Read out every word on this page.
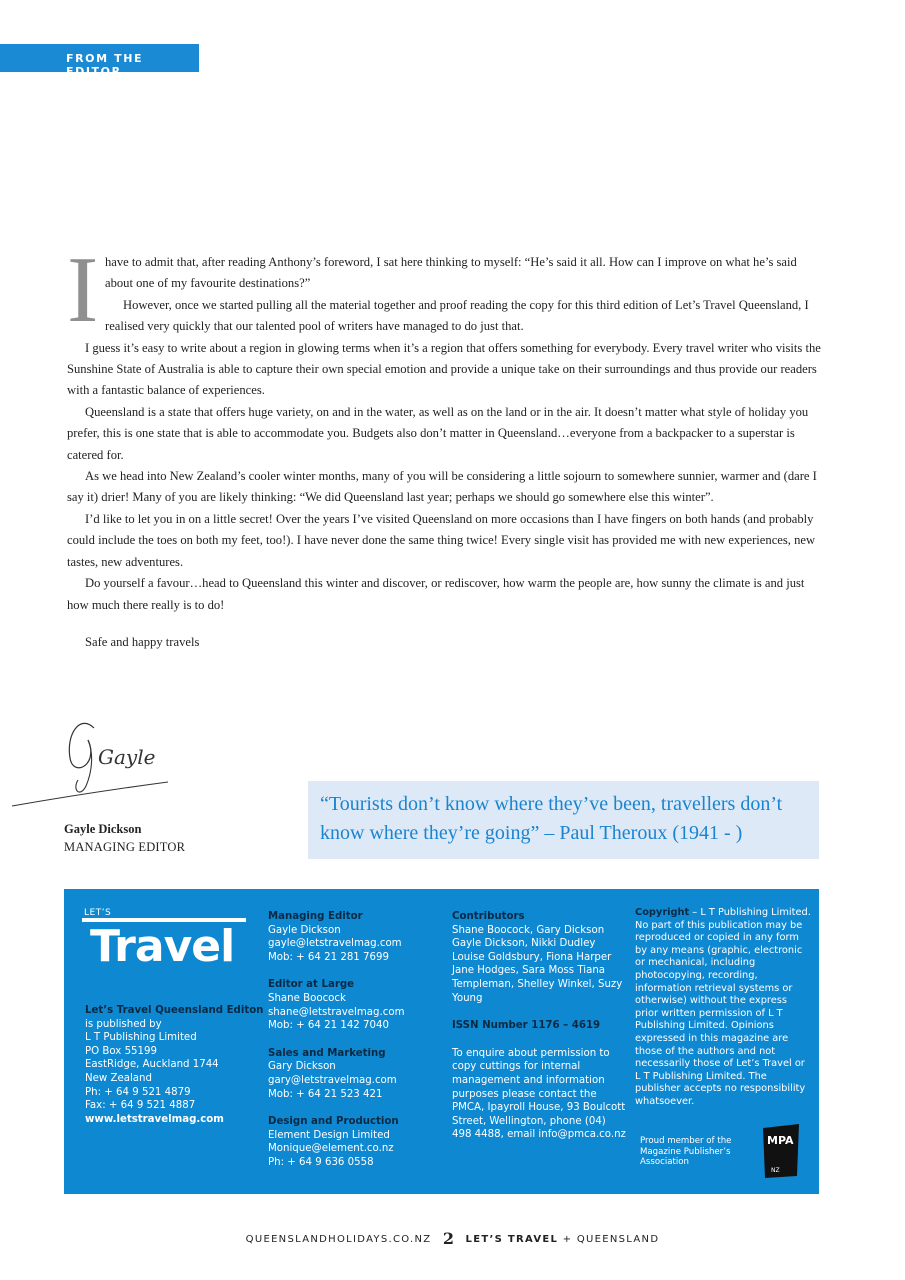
FROM THE EDITOR

I have to admit that, after reading Anthony’s foreword, I sat here thinking to myself: “He’s said it all. How can I improve on what he’s said about one of my favourite destinations?”
However, once we started pulling all the material together and proof reading the copy for this third edition of Let’s Travel Queensland, I realised very quickly that our talented pool of writers have managed to do just that.

I guess it’s easy to write about a region in glowing terms when it’s a region that offers something for everybody. Every travel writer who visits the Sunshine State of Australia is able to capture their own special emotion and provide a unique take on their surroundings and thus provide our readers with a fantastic balance of experiences.

Queensland is a state that offers huge variety, on and in the water, as well as on the land or in the air. It doesn’t matter what style of holiday you prefer, this is one state that is able to accommodate you. Budgets also don’t matter in Queensland…everyone from a backpacker to a superstar is catered for.

As we head into New Zealand’s cooler winter months, many of you will be considering a little sojourn to somewhere sunnier, warmer and (dare I say it) drier! Many of you are likely thinking: “We did Queensland last year; perhaps we should go somewhere else this winter”.

I’d like to let you in on a little secret! Over the years I’ve visited Queensland on more occasions than I have fingers on both hands (and probably could include the toes on both my feet, too!). I have never done the same thing twice! Every single visit has provided me with new experiences, new tastes, new adventures.

Do yourself a favour…head to Queensland this winter and discover, or rediscover, how warm the people are, how sunny the climate is and just how much there really is to do!

Safe and happy travels

Gayle
Gayle Dickson
MANAGING EDITOR
“Tourists don’t know where they’ve been, travellers don’t know where they’re going” – Paul Theroux (1941 - )
LET’S
Travel
Let’s Travel Queensland Editon
is published by
L T Publishing Limited
PO Box 55199
EastRidge, Auckland 1744
New Zealand
Ph: + 64 9 521 4879
Fax: + 64 9 521 4887
www.letstravelmag.com
Managing Editor
Gayle Dickson
gayle@letstravelmag.com
Mob: + 64 21 281 7699
Editor at Large
Shane Boocock
shane@letstravelmag.com
Mob: + 64 21 142 7040
Sales and Marketing
Gary Dickson
gary@letstravelmag.com
Mob: + 64 21 523 421
Design and Production
Element Design Limited
Monique@element.co.nz
Ph: + 64 9 636 0558
Contributors
Shane Boocock, Gary Dickson Gayle Dickson, Nikki Dudley Louise Goldsbury, Fiona Harper Jane Hodges, Sara Moss Tiana Templeman, Shelley Winkel, Suzy Young
ISSN Number 1176 – 4619
To enquire about permission to copy cuttings for internal management and information purposes please contact the PMCA, Ipayroll House, 93 Boulcott Street, Wellington, phone (04) 498 4488, email info@pmca.co.nz
Copyright – L T Publishing Limited. No part of this publication may be reproduced or copied in any form by any means (graphic, electronic or mechanical, including photocopying, recording, information retrieval systems or otherwise) without the express prior written permission of L T Publishing Limited. Opinions expressed in this magazine are those of the authors and not necessarily those of Let’s Travel or L T Publishing Limited. The publisher accepts no responsibility whatsoever.
Proud member of the Magazine Publisher’s Association
MPA
NZ
QUEENSLANDHOLIDAYS.CO.NZ 2 LET’S TRAVEL + QUEENSLAND
